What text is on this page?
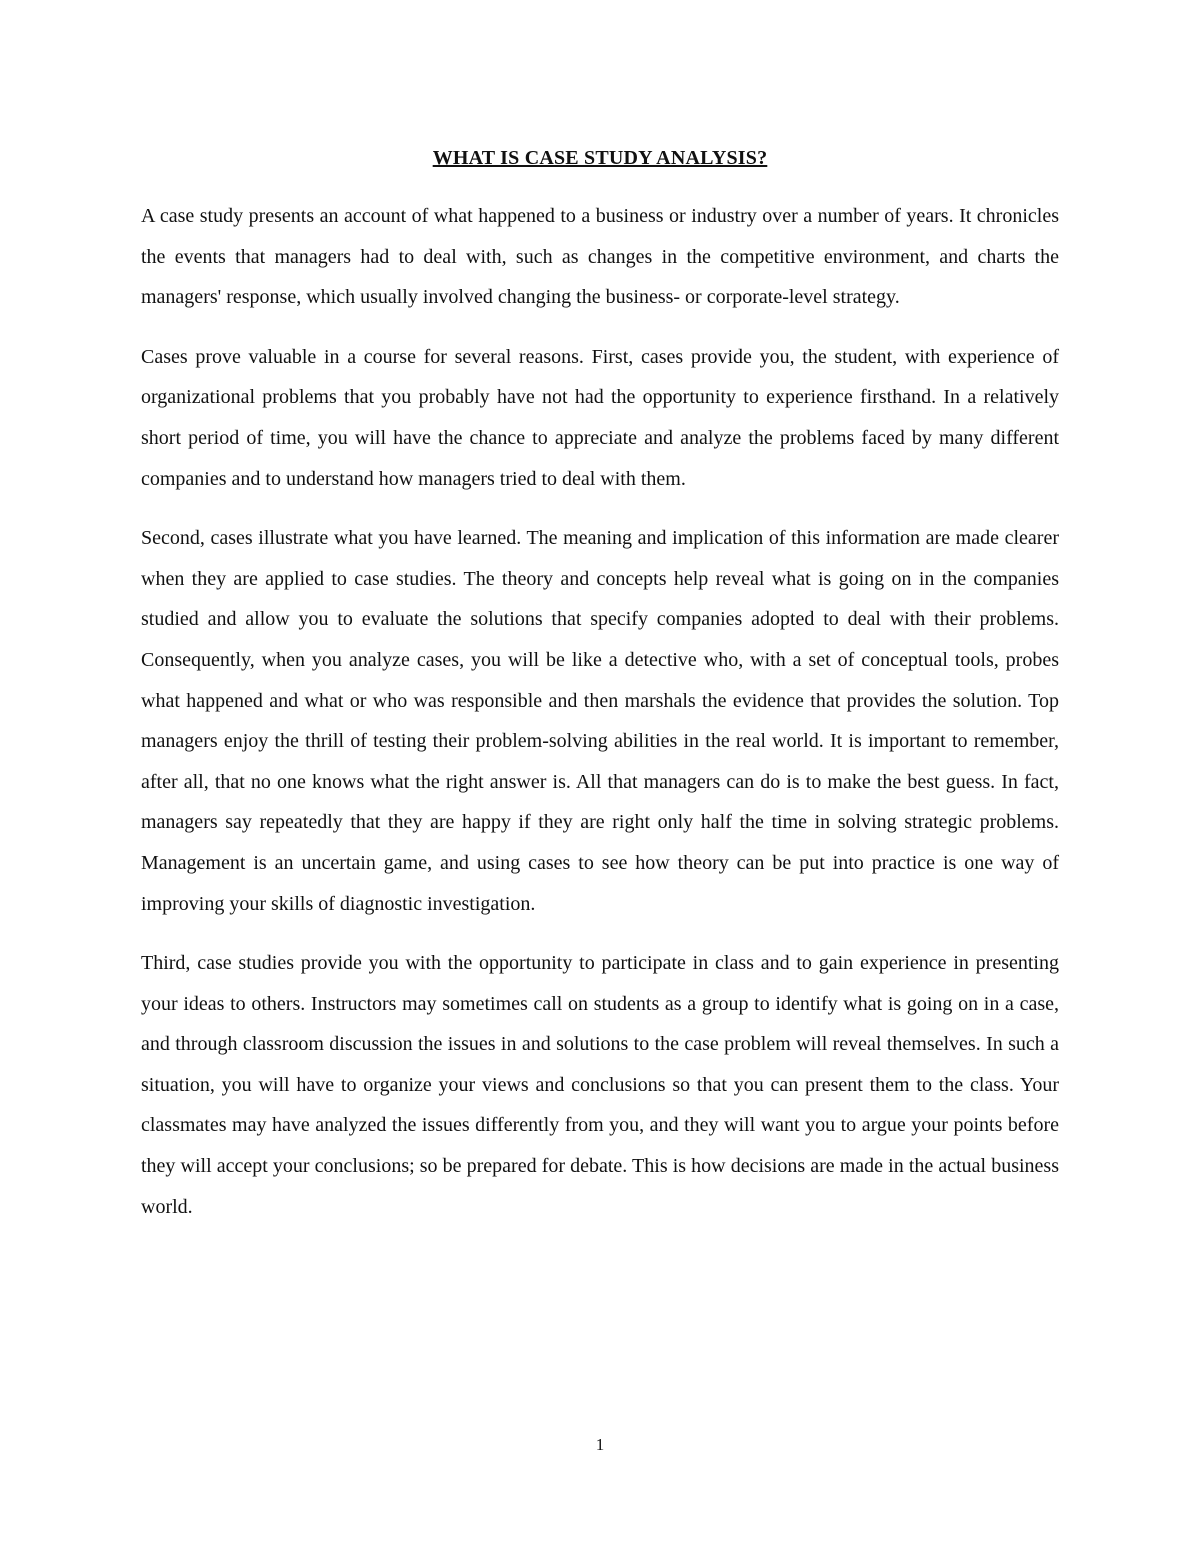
WHAT IS CASE STUDY ANALYSIS?

A case study presents an account of what happened to a business or industry over a number of years. It chronicles the events that managers had to deal with, such as changes in the competitive environment, and charts the managers' response, which usually involved changing the business- or corporate-level strategy.

Cases prove valuable in a course for several reasons. First, cases provide you, the student, with experience of organizational problems that you probably have not had the opportunity to experience firsthand. In a relatively short period of time, you will have the chance to appreciate and analyze the problems faced by many different companies and to understand how managers tried to deal with them.

Second, cases illustrate what you have learned. The meaning and implication of this information are made clearer when they are applied to case studies. The theory and concepts help reveal what is going on in the companies studied and allow you to evaluate the solutions that specify companies adopted to deal with their problems. Consequently, when you analyze cases, you will be like a detective who, with a set of conceptual tools, probes what happened and what or who was responsible and then marshals the evidence that provides the solution. Top managers enjoy the thrill of testing their problem-solving abilities in the real world. It is important to remember, after all, that no one knows what the right answer is. All that managers can do is to make the best guess. In fact, managers say repeatedly that they are happy if they are right only half the time in solving strategic problems. Management is an uncertain game, and using cases to see how theory can be put into practice is one way of improving your skills of diagnostic investigation.

Third, case studies provide you with the opportunity to participate in class and to gain experience in presenting your ideas to others. Instructors may sometimes call on students as a group to identify what is going on in a case, and through classroom discussion the issues in and solutions to the case problem will reveal themselves. In such a situation, you will have to organize your views and conclusions so that you can present them to the class. Your classmates may have analyzed the issues differently from you, and they will want you to argue your points before they will accept your conclusions; so be prepared for debate. This is how decisions are made in the actual business world.

1
